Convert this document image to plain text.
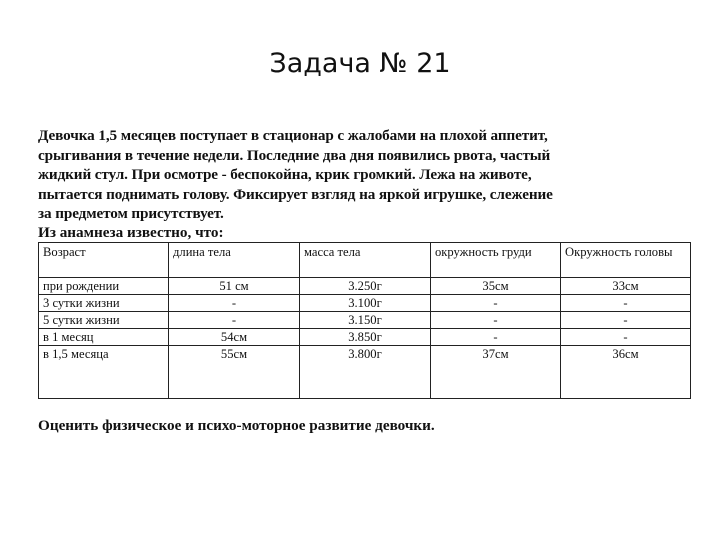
Задача № 21

Девочка 1,5 месяцев поступает в стационар с жалобами на плохой аппетит,
срыгивания в течение недели. Последние два дня появились рвота, частый
жидкий стул. При осмотре - беспокойна, крик громкий. Лежа на животе,
пытается поднимать голову. Фиксирует взгляд на яркой игрушке, слежение
за предметом присутствует.

Из анамнеза известно, что:
Возраст	длина тела	масса тела	окружность груди	Окружность головы
при рождении	51 см	3.250г	35см	33см
3 сутки жизни	-	3.100г	-	-
5 сутки жизни	-	3.150г	-	-
в 1 месяц	54см	3.850г	-	-
в 1,5 месяца	55см	3.800г	37см	36см
Оценить физическое и психо-моторное развитие девочки.
